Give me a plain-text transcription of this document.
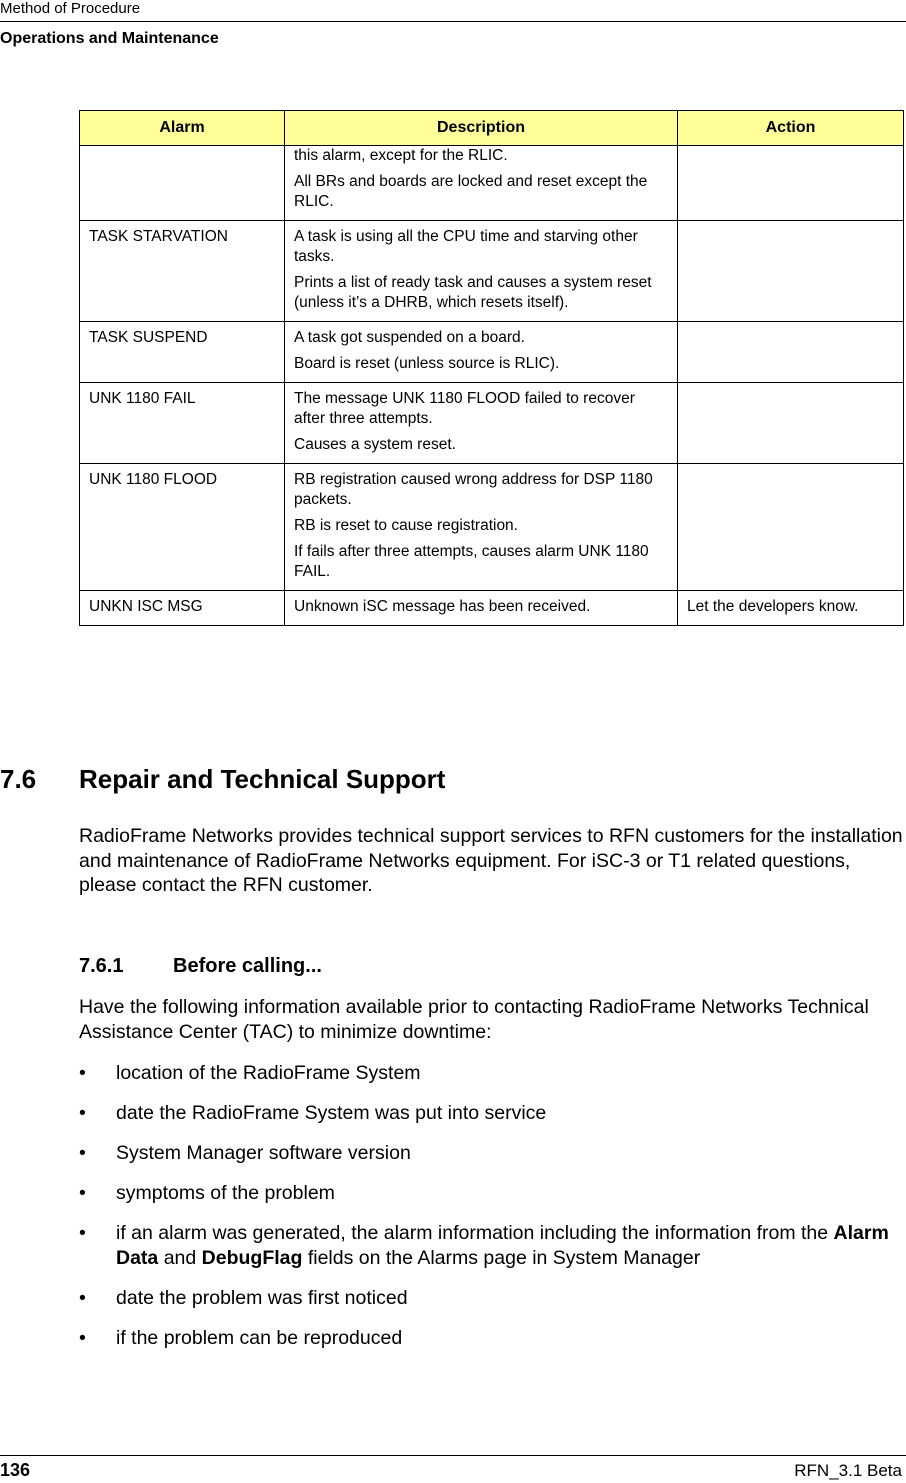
Method of Procedure
Operations and Maintenance
Alarm	Description	Action

	this alarm, except for the RLIC.

All BRs and boards are locked and reset except the RLIC.	

TASK STARVATION	A task is using all the CPU time and starving other tasks.

Prints a list of ready task and causes a system reset (unless it’s a DHRB, which resets itself).	

TASK SUSPEND	A task got suspended on a board.

Board is reset (unless source is RLIC).	

UNK 1180 FAIL	The message UNK 1180 FLOOD failed to recover after three attempts.

Causes a system reset.	

UNK 1180 FLOOD	RB registration caused wrong address for DSP 1180 packets.

RB is reset to cause registration.

If fails after three attempts, causes alarm UNK 1180 FAIL.	

UNKN ISC MSG	Unknown iSC message has been received.	Let the developers know.
7.6 Repair and Technical Support

RadioFrame Networks provides technical support services to RFN customers for the installation and maintenance of RadioFrame Networks equipment. For iSC-3 or T1 related questions, please contact the RFN customer.

7.6.1 Before calling...

Have the following information available prior to contacting RadioFrame Networks Technical Assistance Center (TAC) to minimize downtime:

• location of the RadioFrame System
• date the RadioFrame System was put into service
• System Manager software version
• symptoms of the problem
• if an alarm was generated, the alarm information including the information from the Alarm Data and DebugFlag fields on the Alarms page in System Manager
• date the problem was first noticed
• if the problem can be reproduced
136	RFN_3.1 Beta
